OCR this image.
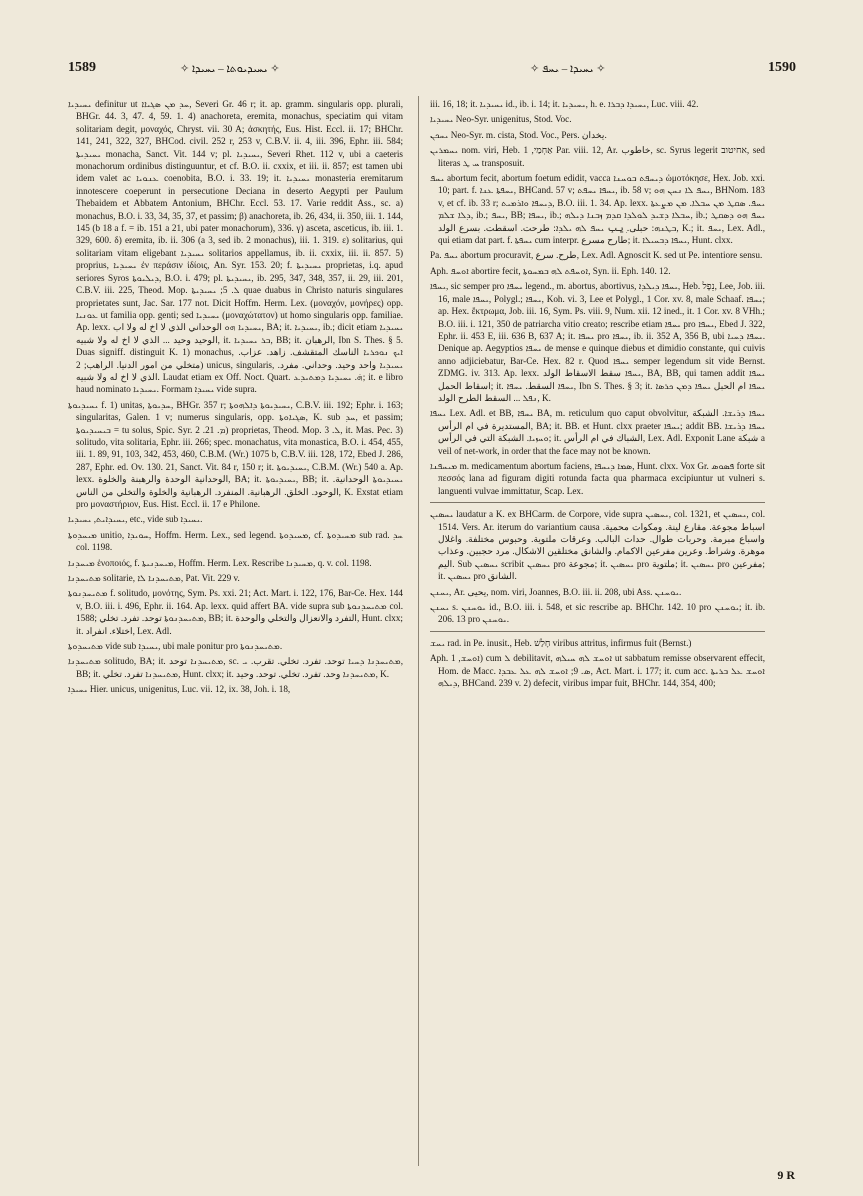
1589	✧ ܝܚܝܕܝܘܬܐ ‒ ܝܚܝܕܐ ✧	✧ ܝܚܝܕܐ ‒ ܝܚܦ ✧	1590

ܝܚܝܕܝܐ definitur ut ܚܕ ܡܢ ܣܓܝܐܐ, Severi Gr. 46 r; it. ap. gramm. singularis opp. plurali, BHGr. 44. 3, 47. 4, 59. 1. 4) anachoreta, eremita, monachus, speciatim qui vitam solitariam degit, μοναχός, Chryst. vii. 30 A; ἀσκητής, Eus. Hist. Eccl. ii. 17; BHChr. 141, 241, 322, 327, BHCod. civil. 252 r, 253 v, C.B.V. ii. 4, iii. 396, Ephr. iii. 584; ܝܚܝܕܝܬܐ monacha, Sanct. Vit. 144 v; pl. ܝܚܝܕܝܐ, Severi Rhet. 112 v, ubi a caeteris monachorum ordinibus distinguuntur, et cf. B.O. ii. cxxix, et iii. ii. 857; est tamen ubi idem valet ac ܥܢܘܝܐ coenobita, B.O. i. 33. 19; it. ܝܚܝܕܝܐ monasteria eremitarum innotescere coeperunt in persecutione Deciana in deserto Aegypti per Paulum Thebaidem et Abbatem Antonium, BHChr. Eccl. 53. 17. Varie reddit Ass., sc. a) monachus, B.O. i. 33, 34, 35, 37, et passim; β) anachoreta, ib. 26, 434, ii. 350, iii. 1. 144, 145 (b 18 a f. = ib. 151 a 21, ubi pater monachorum), 336. γ) asceta, asceticus, ib. iii. 1. 329, 600. δ) eremita, ib. ii. 306 (a 3, sed ib. 2 monachus), iii. 1. 319. ε) solitarius, qui solitariam vitam eligebant ܝܚܝܕܝܐ solitarios appellamus, ib. ii. cxxix, iii. ii. 857. 5) proprius, ܝܚܝܕܝܐ ἐν περάσιν ἰδίοις, An. Syr. 153. 20; f. ܝܚܝܕܝܬܐ proprietas, i.q. apud seriores Syros ܕܝܠܝܘܬܐ, B.O. i. 479; pl. ܝܚܝܕܝܬܐ, ib. 295, 347, 348, 357, ii. 29, iii. 201, C.B.V. iii. 225, Theod. Mop. ܠ. 5; ܝܚܝܕܝܬܐ quae duabus in Christo naturis singulares proprietates sunt, Jac. Sar. 177 not. Dicit Hoffm. Herm. Lex. (μοναχόν, μονήρες) opp. ܥܘܢܝܐ ut familia opp. genti; sed ܝܚܝܕܝܐ (μοναχώτατον) ut homo singularis opp. familiae. Ap. lexx. ܝܚܝܕܝܐ ܗܘ الوحداني الذي لا اخ له ولا اب, BA; it. ܝܚܝܕܝܐ, ib.; dicit etiam ܝܚܝܕܝܐ الوحيد وحيد ... الذي لا اخ له ولا شبيه, it. ܒܪ ܝܚܝܕܝܐ, BB; it. الرهبان, Ibn S. Thes. § 5. Duas signiff. distinguit K. 1) monachus, ܐܝܟ ܢܘܟܪܝܐ الناسك المتقشف. زاهد. عزاب. متخلي من امور الدنيا. الراهب; 2) unicus, singularis, ܝܚܝܕܝܐ واحد وحيد. وحداني. مفرد. الذي لا اخ له ولا شبيه. Laudat etiam ex Off. Noct. Quart. ܗ̇. ܝܚܝܕܝܐ ܕܡܬܝܕܥ; it. e libro haud nominato ܝܚܝܕܝܐ. Formam ܝܚܝܕܐ vide supra.

ܝܚܝܕܝܘܬܐ f. 1) unitas, ܚܕܝܘܬܐ, BHGr. 357 r; ܝܚܝܕܝܘܬܐ ܕܐܠܗܘܬܐ, C.B.V. iii. 192; Ephr. i. 163; singularitas, Galen. 1 v; numerus singularis, opp. ܣܓܝܐܘܬܐ, K. sub ܚܕ, et passim; ܒܝܚܝܕܝܘܬܐ = tu solus, Spic. Syr. ܡ. 21. 2) proprietas, Theod. Mop. ܠ. 3, it. Mas. Pec. 3) solitudo, vita solitaria, Ephr. iii. 266; spec. monachatus, vita monastica, B.O. i. 454, 455, iii. 1. 89, 91, 103, 342, 453, 460, C.B.M. (Wr.) 1075 b, C.B.V. iii. 128, 172, Ebed J. 286, 287, Ephr. ed. Ov. 130. 21, Sanct. Vit. 84 r, 150 r; it. ܝܚܝܕܝܘܬܐ, C.B.M. (Wr.) 540 a. Ap. lexx. الوحدانية الوحدة والرهبنة والخلوة, BA; it. ܝܚܝܕܝܘܬܐ, BB; it. ܝܚܝܕܝܘܬܐ الوحدانية. الوحود. الخلق. الرهبانية. المنفرد. الرهبانية والخلوة والتخلي من الناس, K. Exstat etiam pro μοναστήριον, Eus. Hist. Eccl. ii. 17 e Philone.

ܝܚܝܕܐܝܬ, ܝܚܝܕܝܐ, etc., vide sub ܝܚܝܕܐ.

ܡܝܚܕܘܬܐ unitio, ܚܘܝܕܐ, Hoffm. Herm. Lex., sed legend. ܡܚܝܕܘܬܐ, cf. ܡܚܝܕܘܬܐ sub rad. ܚܕ col. 1198.

ܡܝܚܕܢܐ ἑνοποιός, f. ܡܝܚܕܢܝܬܐ, Hoffm. Herm. Lex. Rescribe ܡܚܝܕܢܐ, q. v. col. 1198.

ܡܬܝܚܕܢܐ solitarie, ܡܬܝܚܕܢܐ ܠܐ, Pat. Vit. 229 v.

ܡܬܝܚܕܢܘܬܐ f. solitudo, μονότης, Sym. Ps. xxi. 21; Act. Mart. i. 122, 176, Bar-Ce. Hex. 144 v, B.O. iii. i. 496, Ephr. ii. 164. Ap. lexx. quid affert BA. vide supra sub ܡܬܝܚܕܢܘܬܐ col. 1588; ܡܬܝܚܕܢܘܬܐ توحد. تفرد. تخلي, BB; it. التفرد والانعزال والتخلي والوحدة, Hunt. clxx; it. اختلاء. انفراد, Lex. Adl.

ܡܬܝܚܕܘܬܐ vide sub ܝܚܝܕܐ, ubi male ponitur pro ܡܬܝܚܕܢܘܬܐ.

ܡܬܝܚܕܢܐ solitudo, BA; it. ܡܬܝܚܕܢܐ توحد, sc. ܡܬܝܚܕܢܐ ܕܚܝܐ توحد. تفرد. تخلي. تقرب. ܝ, BB; it. ܡܬܝܚܕܢܐ تفرد. تخلي, Hunt. clxx; it. ܡܬܝܚܕܢܐ وحد. تفرد. تخلي. توحد. وحيد, K.

ܝܚܝܕܐ Hier. unicus, unigenitus, Luc. vii. 12, ix. 38, Joh. i. 18,

iii. 16, 18; it. ܝܚܝܕܝܐ id., ib. i. 14; it. ܝܚܝܕܝܐ, h. e. ܝܚܝܕܐ ܕܒܪܐ, Luc. viii. 42.

ܝܚܝܕܝܐ Neo-Syr. unigenitus, Stod. Voc.

ܝܚܟܢ Neo-Syr. m. cista, Stod. Voc., Pers. یخدان.

ܝܚܡܪܝܢ nom. viri, Heb. אַחְמַי, 1 Par. viii. 12, Ar. خاطوب, sc. Syrus legerit אחיטוב, sed literas ܚ ܛ transposuit.

ܝܚܦ abortum fecit, abortum foetum edidit, vacca ܕܝܚܦܬ ܒܘܚܢܐ ὠμοτόκησε, Hex. Job. xxi. 10; part. f. ܝܚܦܬܐ ܥܢܐ, BHCand. 57 v; ܝܚܦܐ ܝܚܦܬ, ib. 58 v; ܝܚܦ ܠܐ ܢܚܢ ܗܘ, BHNom. 183 v, et cf. ib. 33 r; ܕܝܚܦܐ ܘܐܪܡܝܬ, B.O. iii. 1. 34. Ap. lexx. ܝܚܦ. ܣܩܛ ܡܢ ܚܒܠܐ. ܡܢ ܡܨܥܬܐ ܕܠܐ ܫܠܡ, ib.; ܝܚܦ, BB; ܝܚܦܐ, ib.; ܚܒܠܐ ܕܫܝܕ ܠܘܠܕܐ ܩܕܡ ܙܒܢܐ ܕܝܠܗ, ib.; ܝܚܦ ܗܘ ܕܣܩܛ ܒܛܢܗ: حبلى. ݂ݐݕ ܝܚܦ ܠܗ ܝܠܕܐ: طرحت. اسقطت. بسرع الولد, K.; it. ܝܚܦ, Lex. Adl., qui etiam dat part. f. ܝܚܦܬܐ cum interpr. طارح مسرع; it. ܝܚܦܐ ܕܒܚܝܠܐ, Hunt. clxx.

Pa. ܝܚܦ abortum procuravit, طرح. سرع, Lex. Adl. Agnoscit K. sed ut Pe. intentiore sensu.

Aph. ܐܘܚܦ abortire fecit, ܐܘܚܦܬ ܠܗ ܒܡܚܘܬܐ, Syn. ii. Eph. 140. 12.

ܝܚܦܐ, sic semper pro ܝܚܦܐ legend., m. abortus, abortivus, ܝܚܦܐ ܕܝܠܕܐ, Heb. נֵפֶל, Lee, Job. iii. 16, male ܝܚܦܐ, Polygl.; ܝܚܦܐ, Koh. vi. 3, Lee et Polygl., 1 Cor. xv. 8, male Schaaf. ܝܚܦܐ; ap. Hex. ἔκτρωμα, Job. iii. 16, Sym. Ps. viii. 9, Num. xii. 12 ined., it. 1 Cor. xv. 8 VHh.; B.O. iii. i. 121, 350 de patriarcha vitio creato; rescribe etiam ܝܚܦܐ pro ܝܚܦܐ, Ebed J. 322, Ephr. ii. 453 E, iii. 636 B, 637 A; it. ܝܚܦܐ pro ܝܚܦܐ, ib. ii. 352 A, 356 B, ubi ܝܚܦܐ ܕܚܝܐ. Denique ap. Aegyptios ܝܚܦܐ de mense e quinque diebus et dimidio constante, qui cuivis anno adjiciebatur, Bar-Ce. Hex. 82 r. Quod ܝܚܦܐ semper legendum sit vide Bernst. ZDMG. iv. 313. Ap. lexx. ܝܚܦܐ سقط الاسقاط الولد, BA, BB, qui tamen addit ܝܚܦܐ اسقاط الحمل; it. ܝܚܦܐ السقط. ܝܚܦܐ, Ibn S. Thes. § 3; it. ܝܚܦܐ ام الحبل ܝܚܦܐ ܕܡܢ ܟܪܣܐ ܢܦܠ ... السقط الطرح الولد, K.

ܝܚܦܐ Lex. Adl. et BB, ܝܚܦܐ BA, m. reticulum quo caput obvolvitur, ܝܚܦܐ ܕܪܝܫܐ. الشبكة المستديرة في ام الرأس, BA; it. BB. et Hunt. clxx praeter ܝܚܦܐ; addit BB. ܝܚܦܐ ܕܪܝܫܐ ܘܚܙܝܐ. الشبكة التي في الرأس; it. الشباك في ام الرأس, Lex. Adl. Exponit Lane شبكة a veil of net-work, in order that the face may not be known.

ܡܝܚܦܢܐ m. medicamentum abortum faciens, ܣܡܐ ܕܝܚܦܐ, Hunt. clxx. Vox Gr. ܦܣܘܣ forte sit πεσσός lana ad figuram digiti rotunda facta qua pharmaca excipiuntur ut vulneri s. languenti vulvae immittatur, Scap. Lex.

ܝܚܣܝܢ laudatur a K. ex BHCarm. de Corpore, vide supra ܝܚܣܝܢ, col. 1321, et ܝܚܣܝܢ, col. 1514. Vers. Ar. iterum do variantium causa اسباط مجوعة. مقارع لينة. ومكوات محمية. واسباع مبرمة. وحربات طوال. حدات البالب. وعرقات ملتوية. وحبوس مختلفة. واغلال موهرة. وشراط. وعرين مفرعين الاكمام. والشانق مختلقين الاشكال. مرد حجبين. وعذاب اليم. Sub ܝܚܣܝܢ scribit ܝܚܣܝܢ pro مجوعة; it. ܝܚܣܝܢ pro ملتوية; it. ܝܚܣܝܢ pro مفرعين; it. ܝܚܣܝܢ pro الشانق.

ܝܚܢܢ, Ar. يحيى, nom. viri, Joannes, B.O. iii. ii. 208, ubi Ass. ܝܘܚܢܢ.

ܝܚܢܢ s. ܝܘܚܢܢ id., B.O. iii. i. 548, et sic rescribe ap. BHChr. 142. 10 pro ܝܘܚܢܢ; it. ib. 206. 13 pro ܝܘܚܢܢ.

ܝܚܫ rad. in Pe. inusit., Heb. חָלַשׁ viribus attritus, infirmus fuit (Bernst.)

Aph. ܐܘܚܫ, 1) cum ܠ debilitavit, ܐܘܚܫ ܠܗ ܚܝܠܗ ut sabbatum remisse observarent effecit, Hom. de Macc. ܣ. 9; ܐܘܚܫ ܠܗ ܥܠ ܥܒܕܐ, Act. Mart. i. 177; it. cum acc. ܐܘܚܫ ܥܠ ܒܪܝܬܐ ܕܝܠܗ, BHCand. 239 v. 2) defecit, viribus impar fuit, BHChr. 144, 354, 400;

9 R
